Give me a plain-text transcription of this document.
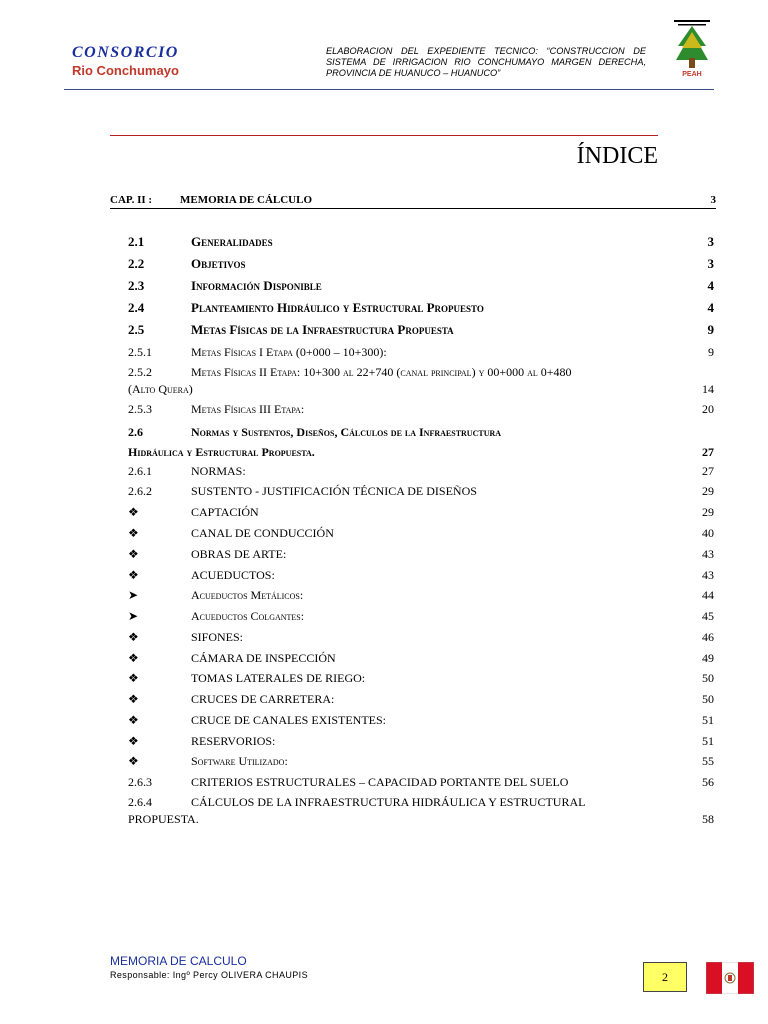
CONSORCIO
Rio Conchumayo
ELABORACION DEL EXPEDIENTE TECNICO: “CONSTRUCCION DE SISTEMA DE IRRIGACION RIO CONCHUMAYO MARGEN DERECHA, PROVINCIA DE HUANUCO – HUANUCO”	PEAH
ÍNDICE
CAP. II :	MEMORIA DE CÁLCULO	3
2.1	Generalidades	3
2.2	Objetivos	3
2.3	Información Disponible	4
2.4	Planteamiento Hidráulico y Estructural Propuesto	4
2.5	Metas Físicas de la Infraestructura Propuesta	9
2.5.1	Metas Físicas I Etapa (0+000 – 10+300):	9
2.5.2	Metas Físicas II Etapa: 10+300 al 22+740 (canal principal) y 00+000 al 0+480
(Alto Quera)	14
2.5.3	Metas Físicas III Etapa:	20
2.6	Normas y Sustentos, Diseños, Cálculos de la Infraestructura
Hidráulica y Estructural Propuesta.	27
2.6.1	NORMAS:	27
2.6.2	SUSTENTO - JUSTIFICACIÓN TÉCNICA DE DISEÑOS	29
❖	CAPTACIÓN	29
❖	CANAL DE CONDUCCIÓN	40
❖	OBRAS DE ARTE:	43
❖	ACUEDUCTOS:	43
➤	Acueductos Metálicos:	44
➤	Acueductos Colgantes:	45
❖	SIFONES:	46
❖	CÁMARA DE INSPECCIÓN	49
❖	TOMAS LATERALES DE RIEGO:	50
❖	CRUCES DE CARRETERA:	50
❖	CRUCE DE CANALES EXISTENTES:	51
❖	RESERVORIOS:	51
❖	Software Utilizado:	55
2.6.3	CRITERIOS ESTRUCTURALES – CAPACIDAD PORTANTE DEL SUELO	56
2.6.4	CÁLCULOS DE LA INFRAESTRUCTURA HIDRÁULICA Y ESTRUCTURAL
PROPUESTA.	58
MEMORIA DE CALCULO
Responsable: Ingº Percy OLIVERA CHAUPIS	2
